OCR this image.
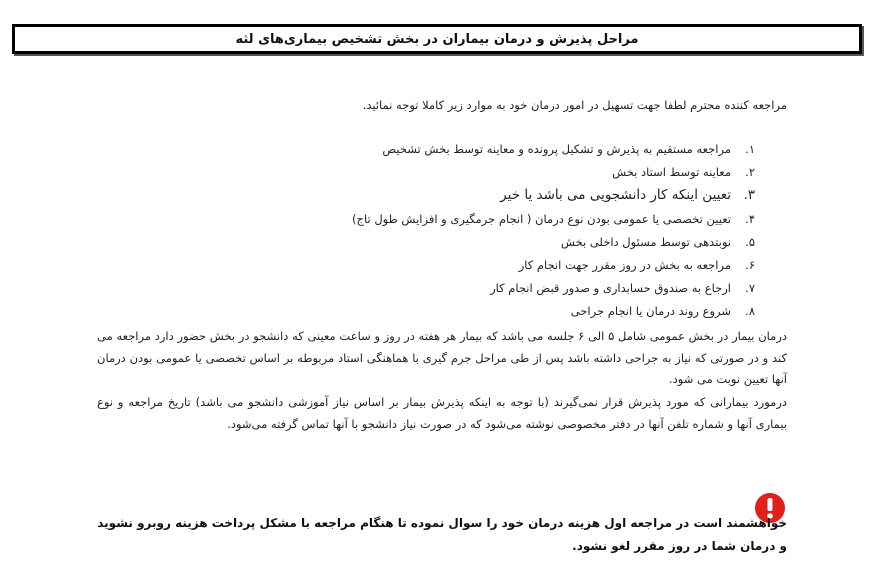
مراحل پذیرش و درمان بیماران در بخش تشخیص بیماری‌های لثه
مراجعه کننده محترم لطفا جهت تسهیل در امور درمان خود به موارد زیر کاملا توجه نمائید.
۱.
مراجعه مستقیم به پذیرش و تشکیل پرونده و معاینه توسط بخش تشخیص
۲.
معاینه توسط استاد بخش
۳.
تعیین اینکه کار دانشجویی می باشد یا خیر
۴.
تعیین تخصصی یا عمومی بودن نوع درمان ( انجام جرمگیری و افزایش طول تاج)
۵.
نوبتدهی توسط مسئول داخلی بخش
۶.
مراجعه به بخش در روز مقرر جهت انجام کار
۷.
ارجاع به صندوق حسابداری و صدور قبض انجام کار
۸.
شروع روند درمان یا انجام جراحی

درمان بیمار در بخش عمومی شامل ۵ الی ۶ جلسه می باشد که بیمار هر هفته در روز و ساعت معینی که دانشجو در بخش حضور دارد مراجعه می کند و در صورتی که نیاز به جراحی داشته باشد پس از طی مراحل جرم گیری با هماهنگی استاد مربوطه بر اساس تخصصی یا عمومی بودن درمان آنها تعیین نوبت می شود.

درمورد بیمارانی که مورد پذیرش قرار نمی‌گیرند (با توجه به اینکه پذیرش بیمار بر اساس نیاز آموزشی دانشجو می باشد) تاریخ مراجعه و نوع بیماری آنها و شماره تلفن آنها در دفتر مخصوصی نوشته می‌شود که در صورت نیاز دانشجو با آنها تماس گرفته می‌شود.

خواهشمند است در مراجعه اول هزینه درمان خود را سوال نموده تا هنگام مراجعه با مشکل پرداخت هزینه روبرو نشوید و درمان شما در روز مقرر لغو نشود.
